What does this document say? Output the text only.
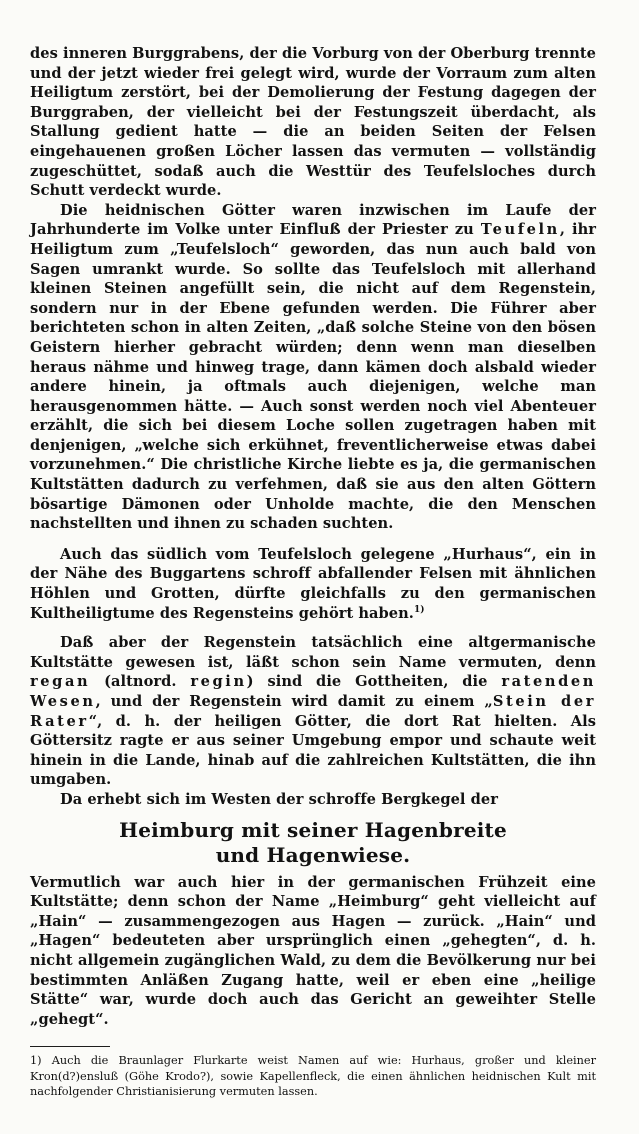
des inneren Burggrabens, der die Vorburg von der Oberburg trennte und der jetzt wieder frei gelegt wird, wurde der Vorraum zum alten Heiligtum zerstört, bei der Demolierung der Festung dagegen der Burggraben, der vielleicht bei der Festungszeit überdacht, als Stallung gedient hatte — die an beiden Seiten der Felsen eingehauenen großen Löcher lassen das vermuten — vollständig zugeschüttet, sodaß auch die Westtür des Teufelsloches durch Schutt verdeckt wurde.

Die heidnischen Götter waren inzwischen im Laufe der Jahrhunderte im Volke unter Einfluß der Priester zu Teufeln, ihr Heiligtum zum „Teufelsloch“ geworden, das nun auch bald von Sagen umrankt wurde. So sollte das Teufelsloch mit allerhand kleinen Steinen angefüllt sein, die nicht auf dem Regenstein, sondern nur in der Ebene gefunden werden. Die Führer aber berichteten schon in alten Zeiten, „daß solche Steine von den bösen Geistern hierher gebracht würden; denn wenn man dieselben heraus nähme und hinweg trage, dann kämen doch alsbald wieder andere hinein, ja oftmals auch diejenigen, welche man herausgenommen hätte. — Auch sonst werden noch viel Abenteuer erzählt, die sich bei diesem Loche sollen zugetragen haben mit denjenigen, „welche sich erkühnet, freventlicherweise etwas dabei vorzunehmen.“ Die christliche Kirche liebte es ja, die germanischen Kultstätten dadurch zu verfehmen, daß sie aus den alten Göttern bösartige Dämonen oder Unholde machte, die den Menschen nachstellten und ihnen zu schaden suchten.

Auch das südlich vom Teufelsloch gelegene „Hurhaus“, ein in der Nähe des Buggartens schroff abfallender Felsen mit ähnlichen Höhlen und Grotten, dürfte gleichfalls zu den germanischen Kultheiligtume des Regensteins gehört haben.$^{1)}$

Daß aber der Regenstein tatsächlich eine altgermanische Kultstätte gewesen ist, läßt schon sein Name vermuten, denn regan (altnord. regin) sind die Gottheiten, die ratenden Wesen, und der Regenstein wird damit zu einem „Stein der Rater“, d. h. der heiligen Götter, die dort Rat hielten. Als Göttersitz ragte er aus seiner Umgebung empor und schaute weit hinein in die Lande, hinab auf die zahlreichen Kultstätten, die ihn umgaben.

Da erhebt sich im Westen der schroffe Bergkegel der

Heimburg mit seiner Hagenbreite
und Hagenwiese.

Vermutlich war auch hier in der germanischen Frühzeit eine Kultstätte; denn schon der Name „Heimburg“ geht vielleicht auf „Hain“ — zusammengezogen aus Hagen — zurück. „Hain“ und „Hagen“ bedeuteten aber ursprünglich einen „gehegten“, d. h. nicht allgemein zugänglichen Wald, zu dem die Bevölkerung nur bei bestimmten Anläßen Zugang hatte, weil er eben eine „heilige Stätte“ war, wurde doch auch das Gericht an geweihter Stelle „gehegt“.

1) Auch die Braunlager Flurkarte weist Namen auf wie: Hurhaus, großer und kleiner Kron(d?)ensluß (Göhe Krodo?), sowie Kapellenfleck, die einen ähnlichen heidnischen Kult mit nachfolgender Christianisierung vermuten lassen.
